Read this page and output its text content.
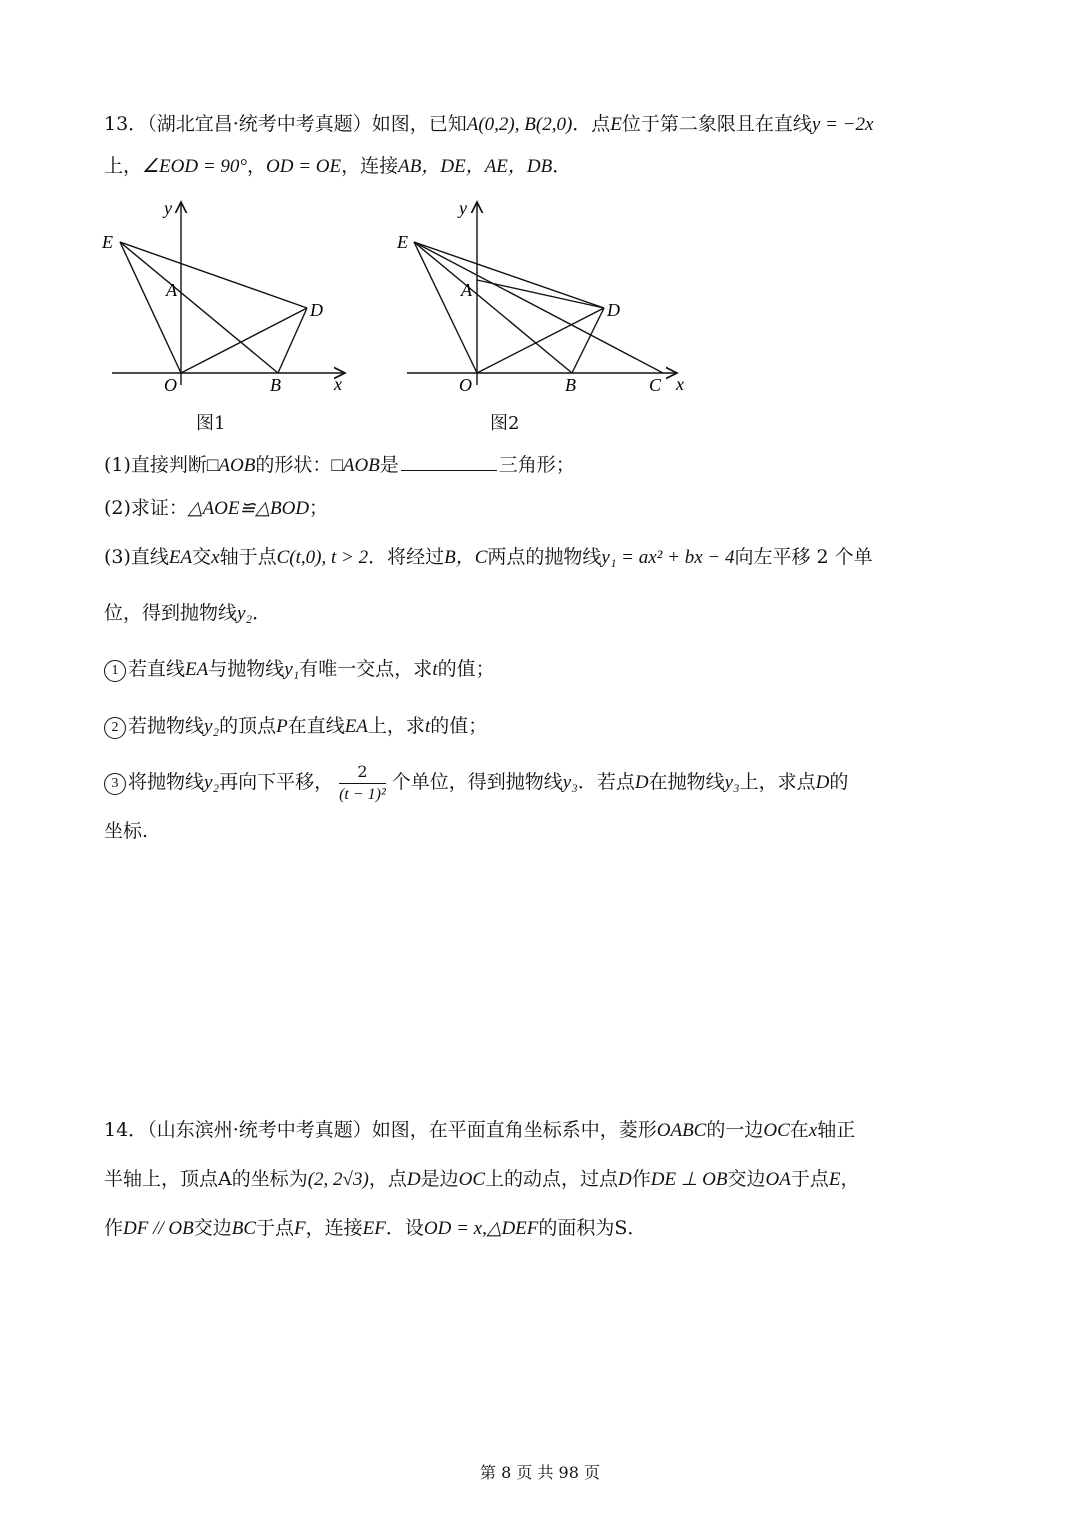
13．（湖北宜昌·统考中考真题）如图，已知A(0,2), B(2,0)．点E位于第二象限且在直线y = −2x
上，∠EOD = 90°，OD = OE，连接AB，DE，AE，DB．
y
E
A
D
O	B	x
图1
y
E
A
D
O	B	C x
图2
(1)直接判断□AOB的形状：□AOB是	三角形；
(2)求证：△AOE≌△BOD；
(3)直线EA交x轴于点C(t,0), t > 2．将经过B，C两点的抛物线y₁ = ax² + bx − 4向左平移 2 个单
位，得到抛物线y₂．
1 若直线EA与抛物线y₁有唯一交点，求t的值；
2 若抛物线y₂的顶点P在直线EA上，求t的值；
3 将抛物线y₂再向下平移， $\frac{2}{\text{(t − 1)²}}$ 个单位，得到抛物线y₃．若点D在抛物线y₃上，求点D的
坐标.
14．（山东滨州·统考中考真题）如图，在平面直角坐标系中，菱形OABC的一边OC在x轴正
半轴上，顶点A的坐标为(2, 2√3)，点D是边OC上的动点，过点D作DE ⊥ OB交边OA于点E，
作DF // OB交边BC于点F，连接EF．设OD = x,△DEF的面积为S．
第 8 页 共 98 页
